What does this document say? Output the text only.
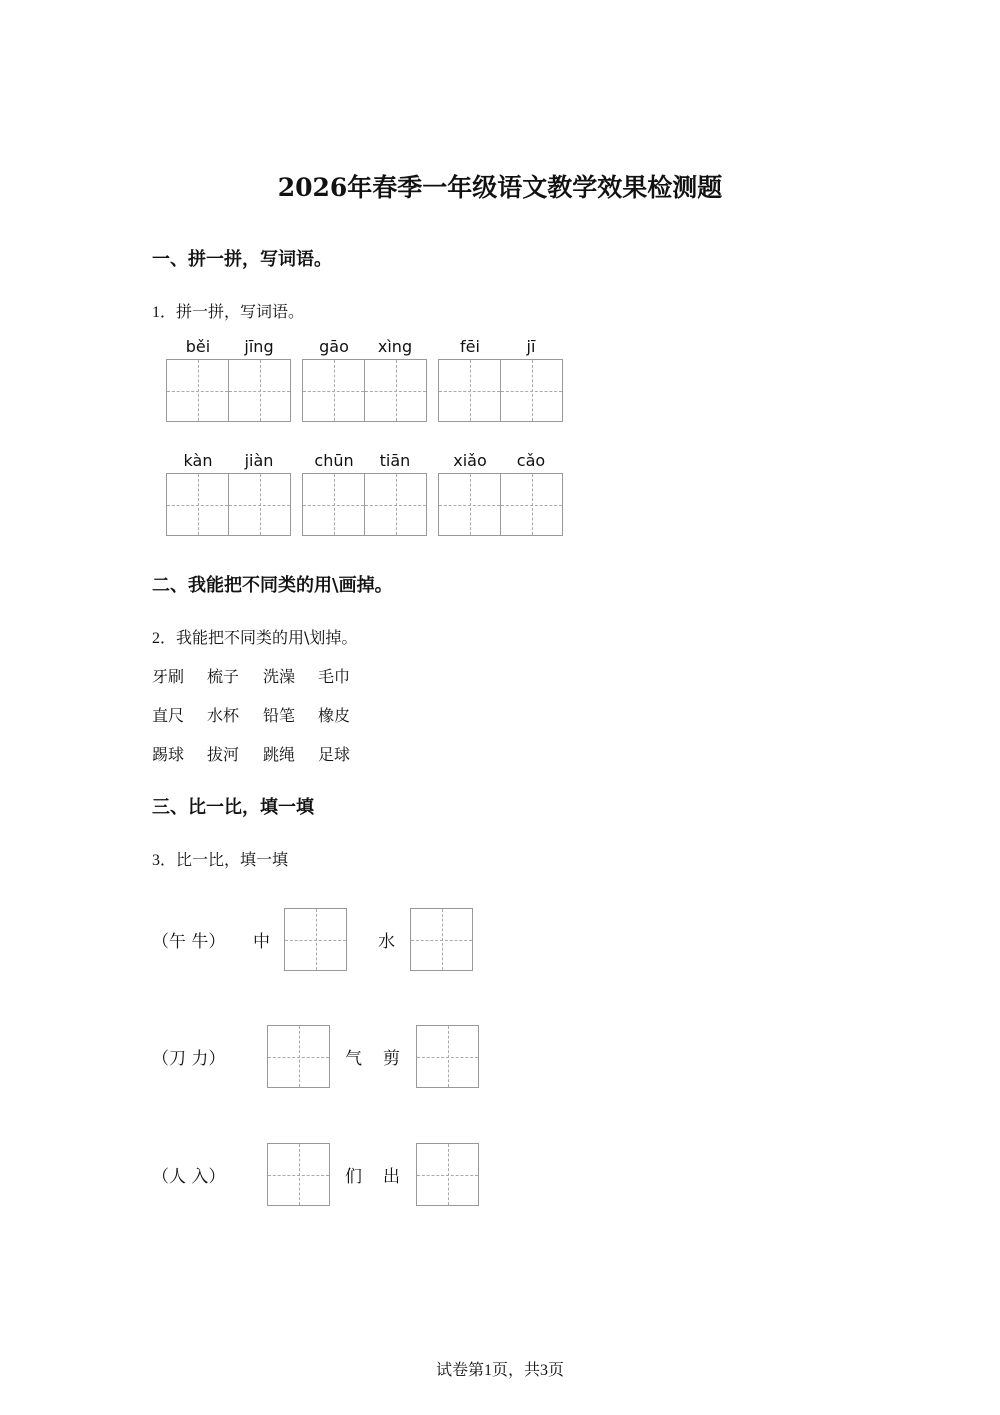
2026年春季一年级语文教学效果检测题
一、拼一拼，写词语。
1．拼一拼，写词语。
běi	jīng	gāo	xìng	fēi	jī
kàn	jiàn	chūn	tiān	xiǎo	cǎo
二、我能把不同类的用\画掉。
2．我能把不同类的用\划掉。
牙刷 梳子 洗澡 毛巾
直尺 水杯 铅笔 橡皮
踢球 拔河 跳绳 足球
三、比一比，填一填
3．比一比，填一填
（午 牛） 中	水
（刀 力）	气 剪
（人 入）	们 出
试卷第1页，共3页
